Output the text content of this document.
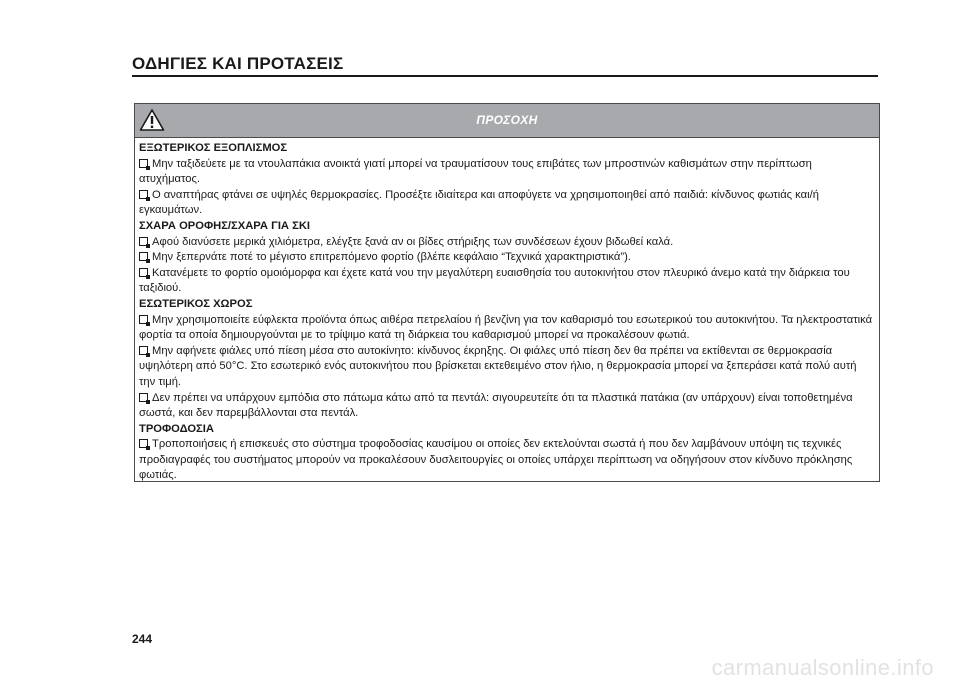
ΟΔΗΓΙΕΣ ΚΑΙ ΠΡΟΤΑΣΕΙΣ
ΠΡΟΣΟΧΗ
ΕΞΩΤΕΡΙΚΟΣ ΕΞΟΠΛΙΣΜΟΣ
Μην ταξιδεύετε με τα ντουλαπάκια ανοικτά γιατί μπορεί να τραυματίσουν τους επιβάτες των μπροστινών καθισμάτων στην περίπτωση ατυχήματος.
Ο αναπτήρας φτάνει σε υψηλές θερμοκρασίες. Προσέξτε ιδιαίτερα και αποφύγετε να χρησιμοποιηθεί από παιδιά: κίνδυνος φωτιάς και/ή εγκαυμάτων.
ΣΧΑΡΑ ΟΡΟΦΗΣ/ΣΧΑΡΑ ΓΙΑ ΣΚΙ
Αφού διανύσετε μερικά χιλιόμετρα, ελέγξτε ξανά αν οι βίδες στήριξης των συνδέσεων έχουν βιδωθεί καλά.
Μην ξεπερνάτε ποτέ το μέγιστο επιτρεπόμενο φορτίο (βλέπε κεφάλαιο “Τεχνικά χαρακτηριστικά”).
Κατανέμετε το φορτίο ομοιόμορφα και έχετε κατά νου την μεγαλύτερη ευαισθησία του αυτοκινήτου στον πλευρικό άνεμο κατά την διάρκεια του ταξιδιού.
ΕΣΩΤΕΡΙΚΟΣ ΧΩΡΟΣ
Μην χρησιμοποιείτε εύφλεκτα προϊόντα όπως αιθέρα πετρελαίου ή βενζίνη για τον καθαρισμό του εσωτερικού του αυτοκινήτου. Τα ηλεκτροστατικά φορτία τα οποία δημιουργούνται με το τρίψιμο κατά τη διάρκεια του καθαρισμού μπορεί να προκαλέσουν φωτιά.
Μην αφήνετε φιάλες υπό πίεση μέσα στο αυτοκίνητο: κίνδυνος έκρηξης. Οι φιάλες υπό πίεση δεν θα πρέπει να εκτίθενται σε θερμοκρασία υψηλότερη από 50°C. Στο εσωτερικό ενός αυτοκινήτου που βρίσκεται εκτεθειμένο στον ήλιο, η θερμοκρασία μπορεί να ξεπεράσει κατά πολύ αυτή την τιμή.
Δεν πρέπει να υπάρχουν εμπόδια στο πάτωμα κάτω από τα πεντάλ: σιγουρευτείτε ότι τα πλαστικά πατάκια (αν υπάρχουν) είναι τοποθετημένα σωστά, και δεν παρεμβάλλονται στα πεντάλ.
ΤΡΟΦΟΔΟΣΙΑ
Τροποποιήσεις ή επισκευές στο σύστημα τροφοδοσίας καυσίμου οι οποίες δεν εκτελούνται σωστά ή που δεν λαμβάνουν υπόψη τις τεχνικές προδιαγραφές του συστήματος μπορούν να προκαλέσουν δυσλειτουργίες οι οποίες υπάρχει περίπτωση να οδηγήσουν στον κίνδυνο πρόκλησης φωτιάς.
244
carmanualsonline.info
